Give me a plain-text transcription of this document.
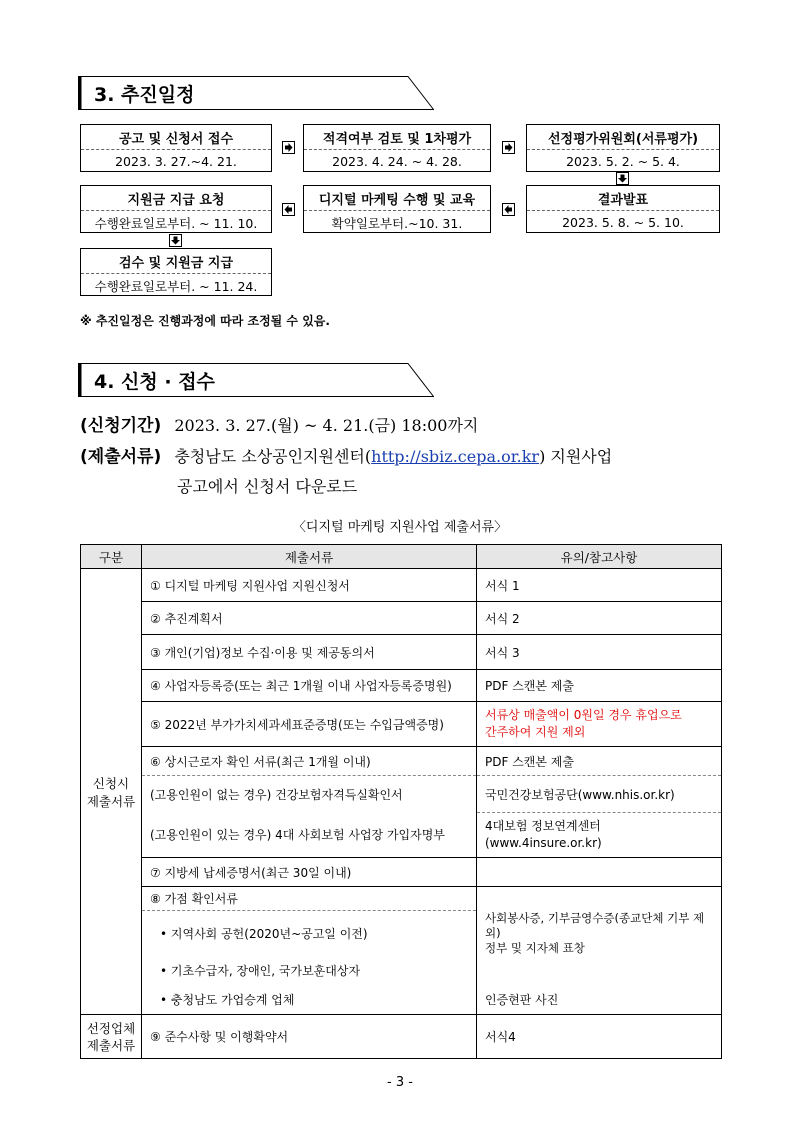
3. 추진일정
공고 및 신청서 접수
2023. 3. 27.~4. 21.
적격여부 검토 및 1차평가
2023. 4. 24. ~ 4. 28.
선정평가위원회(서류평가)
2023. 5. 2. ~ 5. 4.
결과발표
2023. 5. 8. ~ 5. 10.
디지털 마케팅 수행 및 교육
확약일로부터.~10. 31.
지원금 지급 요청
수행완료일로부터. ~ 11. 10.
검수 및 지원금 지급
수행완료일로부터. ~ 11. 24.
※ 추진일정은 진행과정에 따라 조정될 수 있음.
4. 신청 · 접수
(신청기간) 2023. 3. 27.(월) ~ 4. 21.(금) 18:00까지
(제출서류) 충청남도 소상공인지원센터(http://sbiz.cepa.or.kr) 지원사업
공고에서 신청서 다운로드
〈디지털 마케팅 지원사업 제출서류〉
구분	제출서류	유의/참고사항
신청시
제출서류	① 디지털 마케팅 지원사업 지원신청서	서식 1
	② 추진계획서	서식 2
	③ 개인(기업)정보 수집·이용 및 제공동의서	서식 3
	④ 사업자등록증(또는 최근 1개월 이내 사업자등록증명원)	PDF 스캔본 제출
	⑤ 2022년 부가가치세과세표준증명(또는 수입금액증명)	서류상 매출액이 0원일 경우 휴업으로
간주하여 지원 제외
	⑥ 상시근로자 확인 서류(최근 1개월 이내)	PDF 스캔본 제출
	(고용인원이 없는 경우) 건강보험자격득실확인서	국민건강보험공단(www.nhis.or.kr)
	(고용인원이 있는 경우) 4대 사회보험 사업장 가입자명부	4대보험 정보연계센터
(www.4insure.or.kr)
	⑦ 지방세 납세증명서(최근 30일 이내)	
	⑧ 가점 확인서류	
	• 지역사회 공헌(2020년~공고일 이전)	사회봉사증, 기부금영수증(종교단체 기부 제외)
정부 및 지자체 표창
	• 기초수급자, 장애인, 국가보훈대상자	
	• 충청남도 가업승계 업체	인증현판 사진
선정업체
제출서류	⑨ 준수사항 및 이행확약서	서식4
- 3 -
